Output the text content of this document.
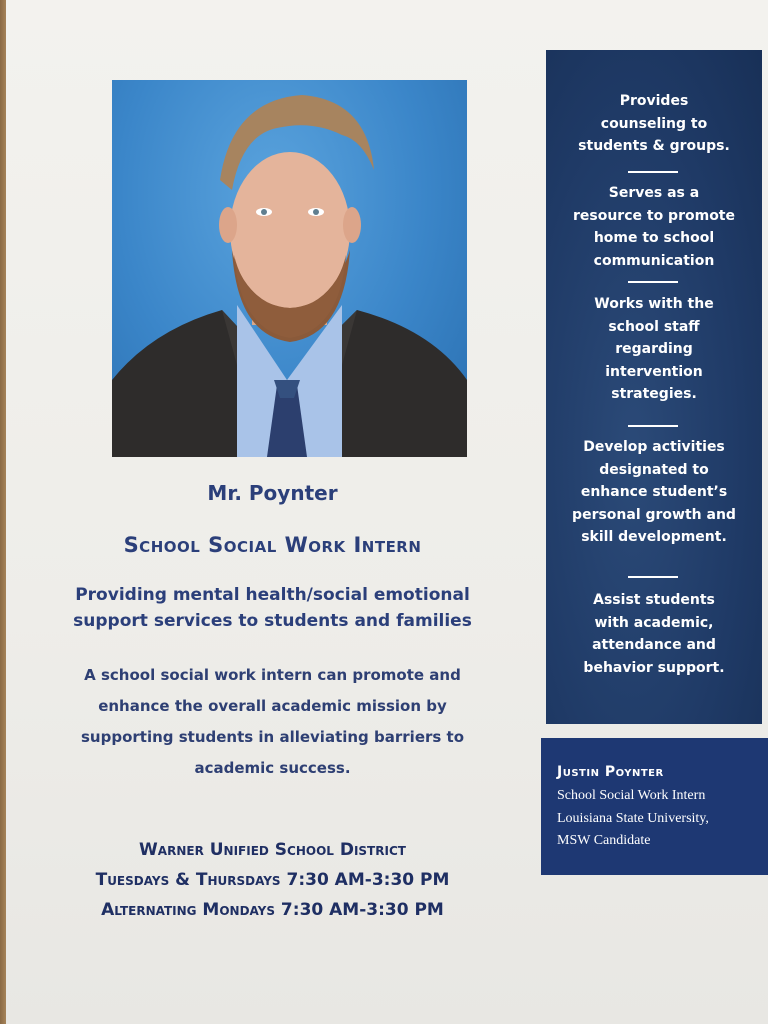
Mr. Poynter
School Social Work Intern
Providing mental health/social emotional
support services to students and families
A school social work intern can promote and
enhance the overall academic mission by
supporting students in alleviating barriers to
academic success.
Warner Unified School District
Tuesdays & Thursdays 7:30 AM-3:30 PM
Alternating Mondays 7:30 AM-3:30 PM
Provides
counseling to
students & groups.
Serves as a
resource to promote
home to school
communication
Works with the
school staff
regarding
intervention
strategies.
Develop activities
designated to
enhance student’s
personal growth and
skill development.
Assist students
with academic,
attendance and
behavior support.
Justin Poynter
School Social Work Intern
Louisiana State University,
MSW Candidate
